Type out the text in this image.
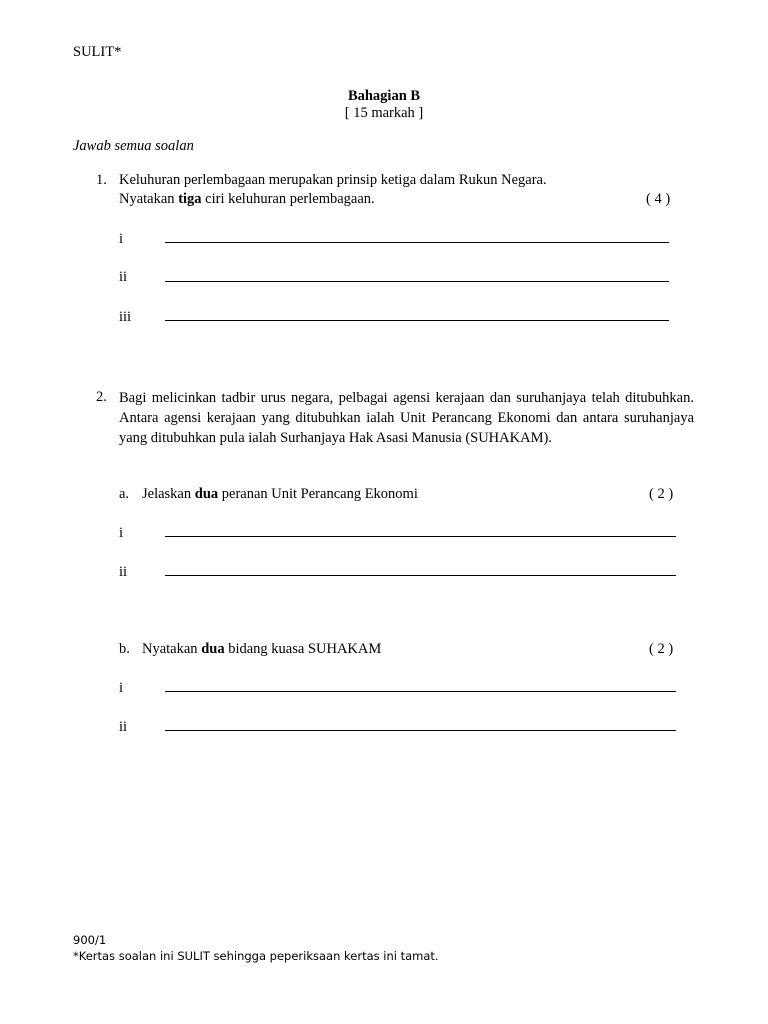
SULIT*
Bahagian B
[ 15 markah ]
Jawab semua soalan
1. Keluhuran perlembagaan merupakan prinsip ketiga dalam Rukun Negara.
Nyatakan tiga ciri keluhuran perlembagaan.	( 4 )
i
ii
iii
2. Bagi melicinkan tadbir urus negara, pelbagai agensi kerajaan dan suruhanjaya telah ditubuhkan. Antara agensi kerajaan yang ditubuhkan ialah Unit Perancang Ekonomi dan antara suruhanjaya yang ditubuhkan pula ialah Surhanjaya Hak Asasi Manusia (SUHAKAM).
a. Jelaskan dua peranan Unit Perancang Ekonomi	( 2 )
i
ii
b. Nyatakan dua bidang kuasa SUHAKAM	( 2 )
i
ii
900/1
*Kertas soalan ini SULIT sehingga peperiksaan kertas ini tamat.
